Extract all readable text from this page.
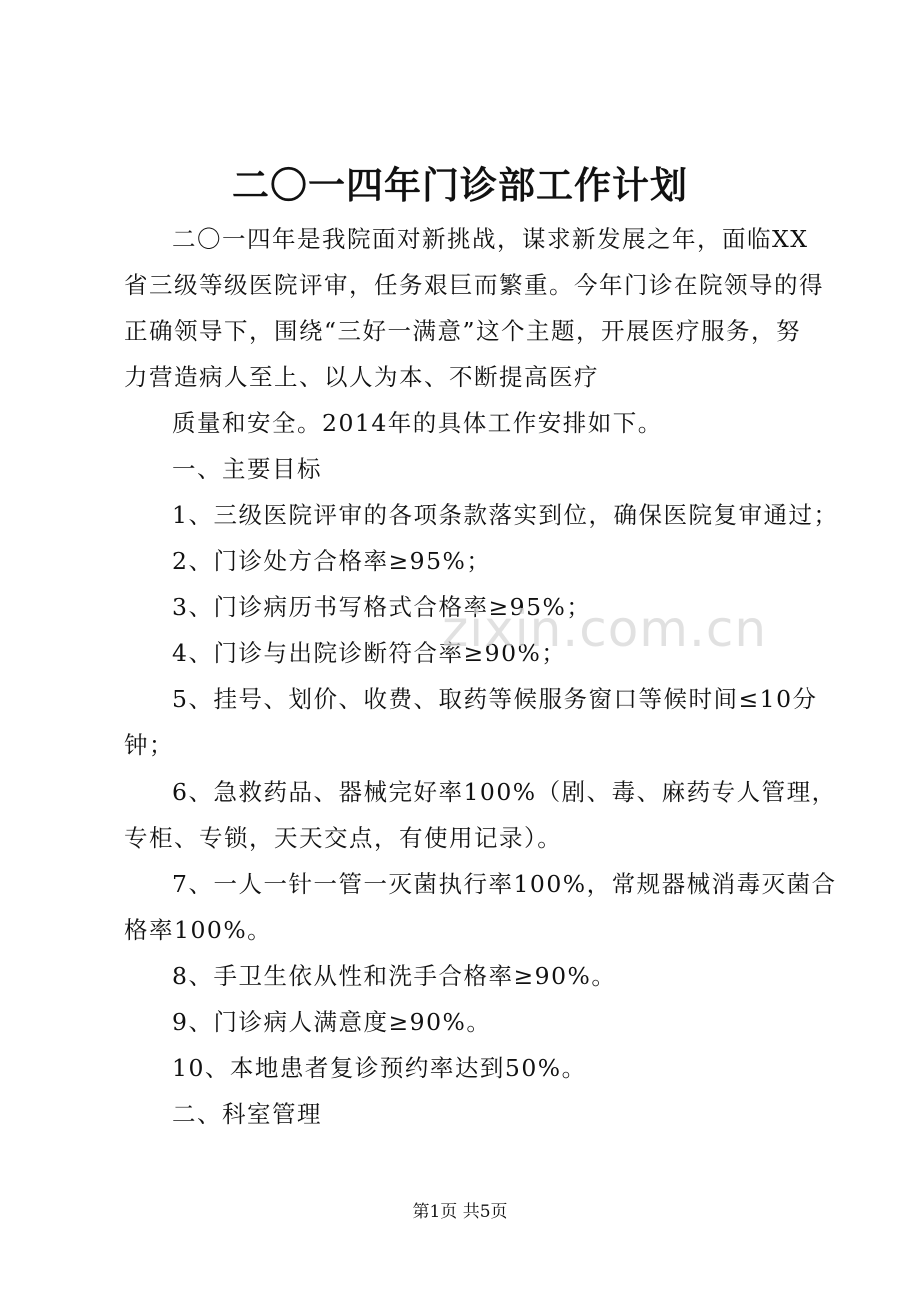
二〇一四年门诊部工作计划
二〇一四年是我院面对新挑战，谋求新发展之年，面临XX
省三级等级医院评审，任务艰巨而繁重。今年门诊在院领导的得
正确领导下，围绕“三好一满意”这个主题，开展医疗服务，努
力营造病人至上、以人为本、不断提高医疗
质量和安全。2014年的具体工作安排如下。
一、主要目标
1、三级医院评审的各项条款落实到位，确保医院复审通过；
2、门诊处方合格率≥95%；
3、门诊病历书写格式合格率≥95%；
4、门诊与出院诊断符合率≥90%；
5、挂号、划价、收费、取药等候服务窗口等候时间≤10分
钟；
6、急救药品、器械完好率100%（剧、毒、麻药专人管理，
专柜、专锁，天天交点，有使用记录）。
7、一人一针一管一灭菌执行率100%，常规器械消毒灭菌合
格率100%。
8、手卫生依从性和洗手合格率≥90%。
9、门诊病人满意度≥90%。
10、本地患者复诊预约率达到50%。
二、科室管理
zixin.com.cn
第1页 共5页
